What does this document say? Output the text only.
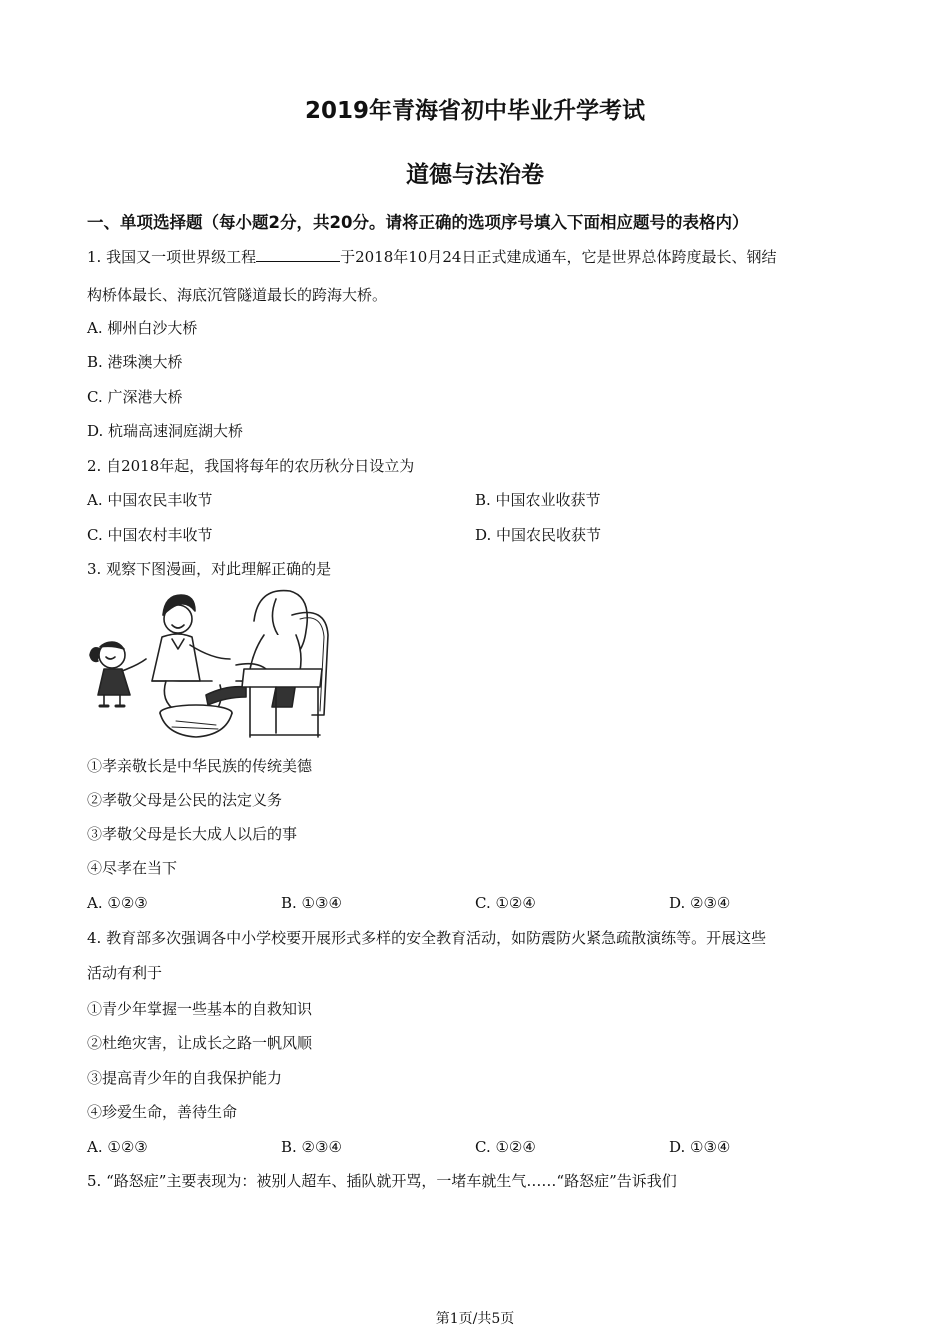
2019年青海省初中毕业升学考试
道德与法治卷
一、单项选择题（每小题2分，共20分。请将正确的选项序号填入下面相应题号的表格内）
1. 我国又一项世界级工程	于2018年10月24日正式建成通车，它是世界总体跨度最长、钢结
构桥体最长、海底沉管隧道最长的跨海大桥。
A. 柳州白沙大桥
B. 港珠澳大桥
C. 广深港大桥
D. 杭瑞高速洞庭湖大桥
2. 自2018年起，我国将每年的农历秋分日设立为
A. 中国农民丰收节	B. 中国农业收获节
C. 中国农村丰收节	D. 中国农民收获节
3. 观察下图漫画，对此理解正确的是
①孝亲敬长是中华民族的传统美德
②孝敬父母是公民的法定义务
③孝敬父母是长大成人以后的事
④尽孝在当下
A. ①②③	B. ①③④	C. ①②④	D. ②③④
4. 教育部多次强调各中小学校要开展形式多样的安全教育活动，如防震防火紧急疏散演练等。开展这些
活动有利于
①青少年掌握一些基本的自救知识
②杜绝灾害，让成长之路一帆风顺
③提高青少年的自我保护能力
④珍爱生命，善待生命
A. ①②③	B. ②③④	C. ①②④	D. ①③④
5. “路怒症”主要表现为：被别人超车、插队就开骂，一堵车就生气……“路怒症”告诉我们
第1页/共5页
